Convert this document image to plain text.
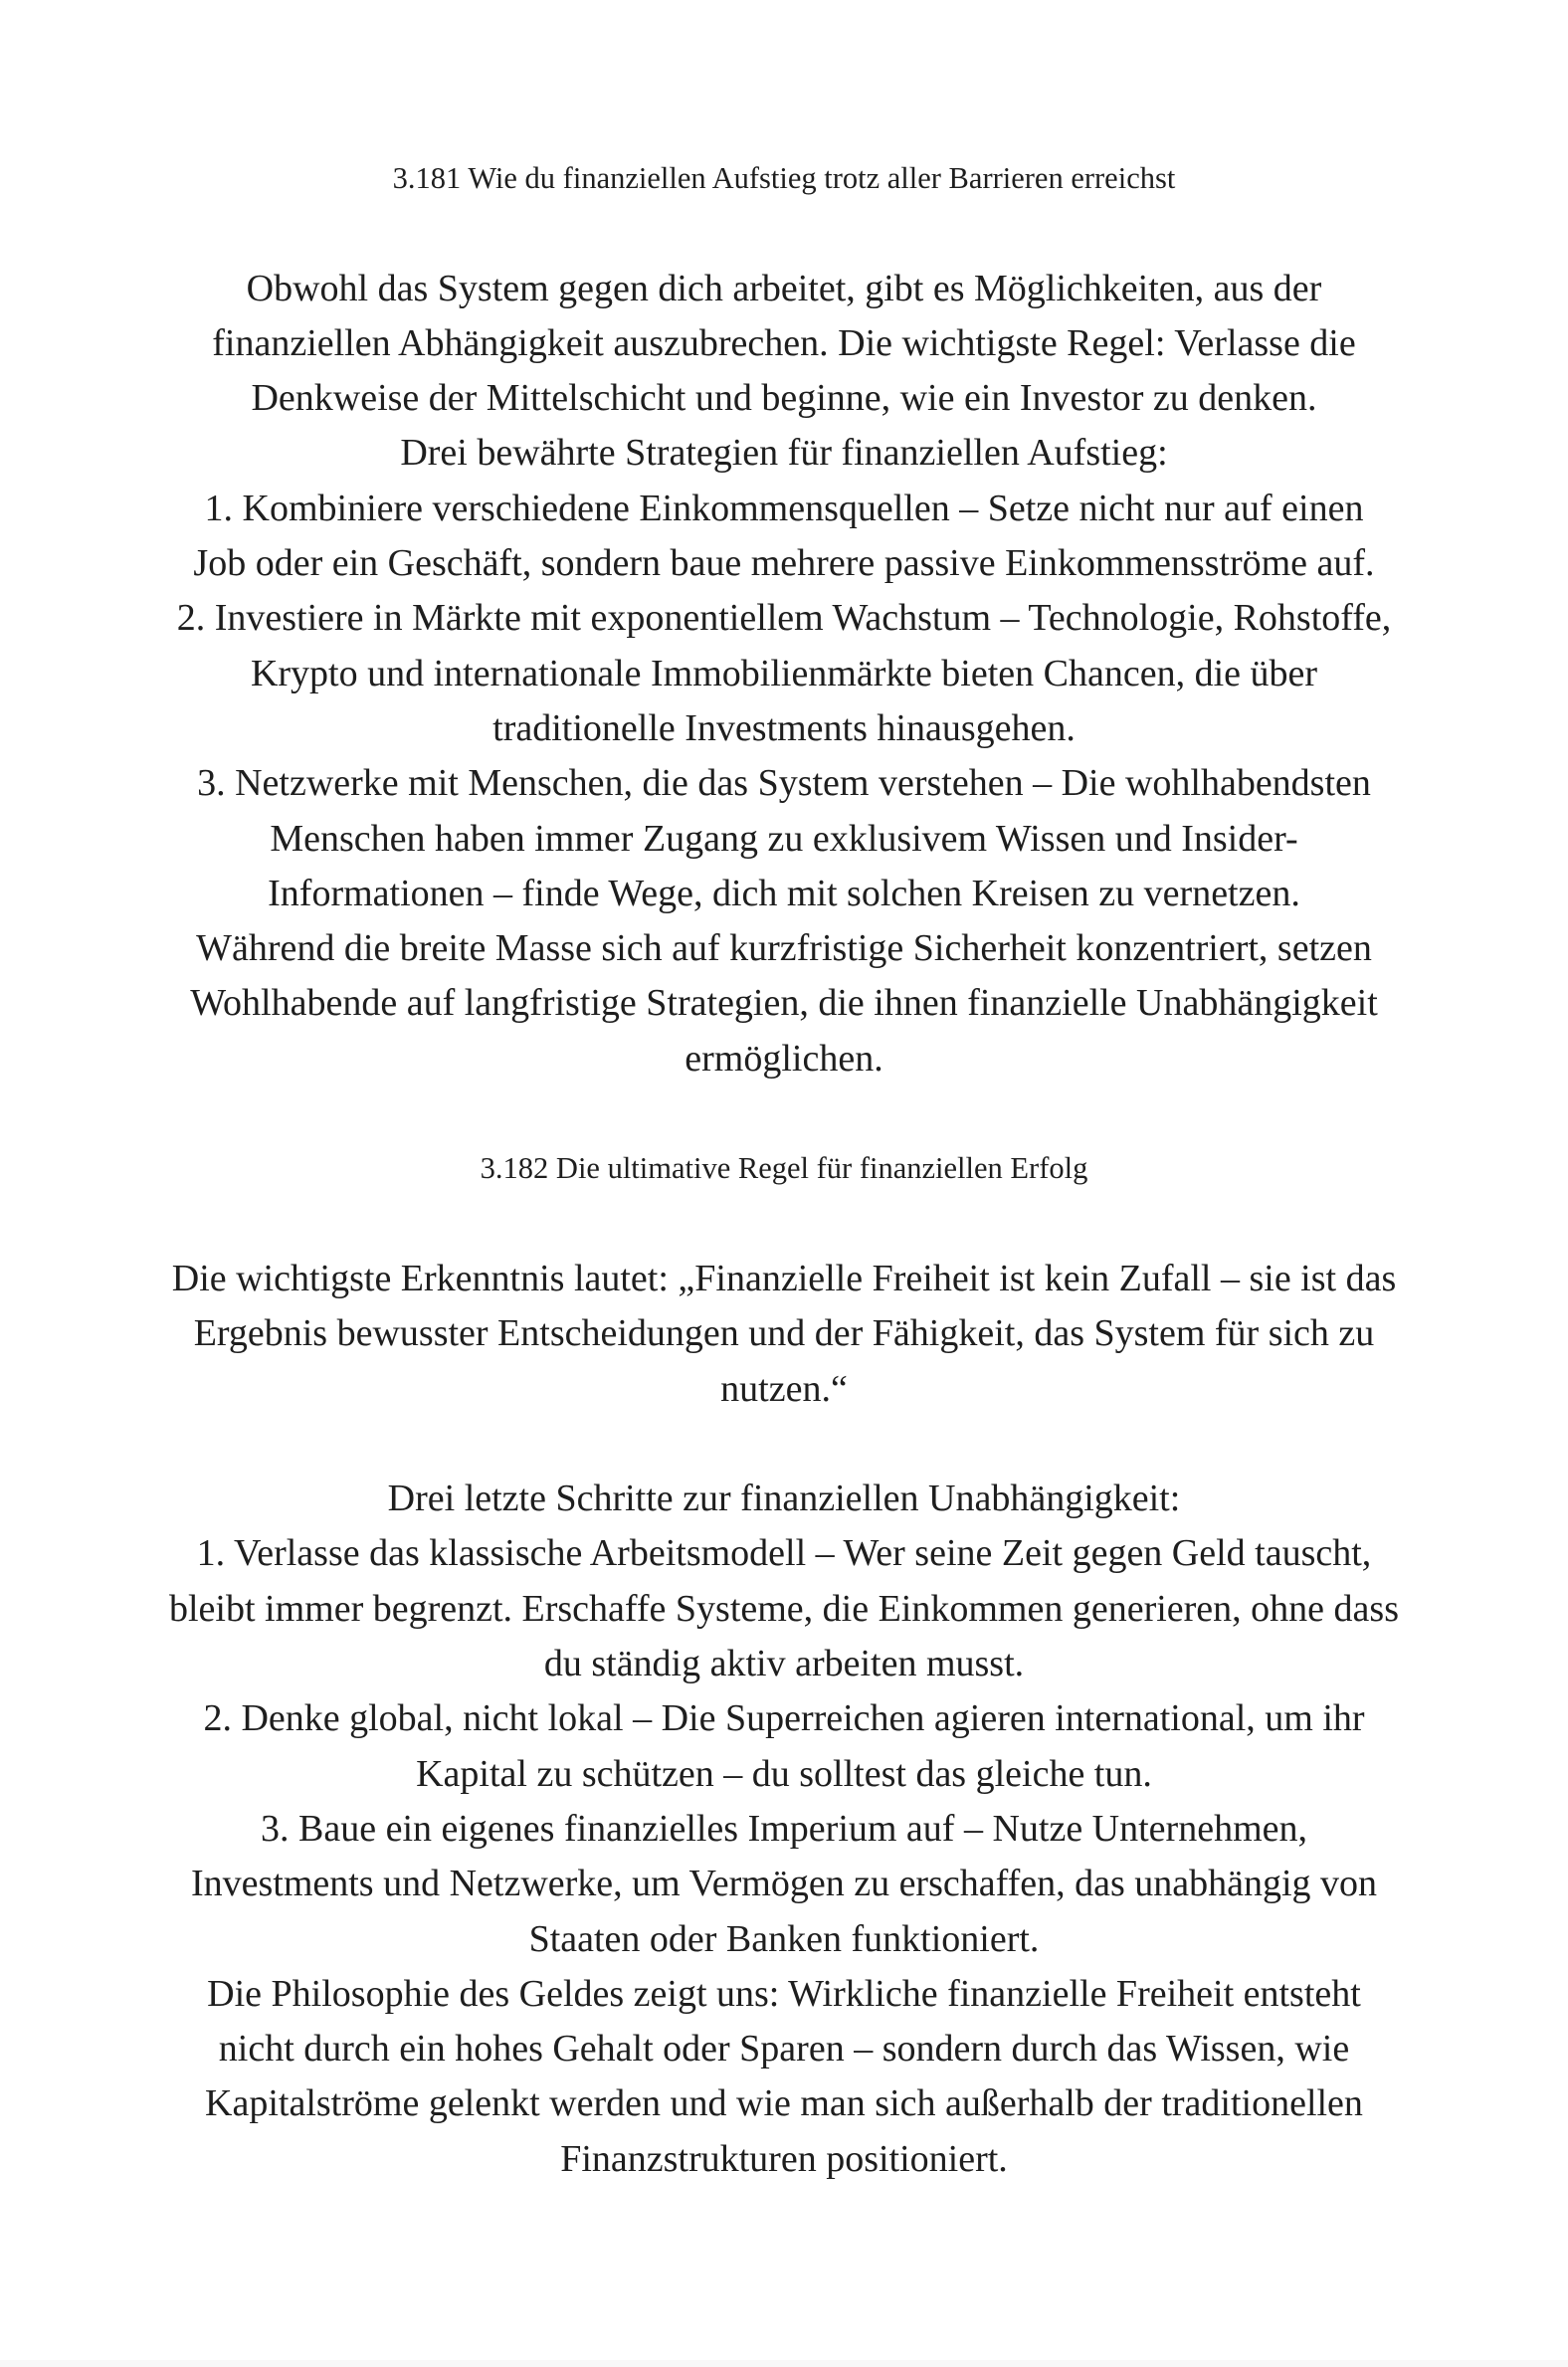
3.181 Wie du finanziellen Aufstieg trotz aller Barrieren erreichst
Obwohl das System gegen dich arbeitet, gibt es Möglichkeiten, aus der
finanziellen Abhängigkeit auszubrechen. Die wichtigste Regel: Verlasse die
Denkweise der Mittelschicht und beginne, wie ein Investor zu denken.
Drei bewährte Strategien für finanziellen Aufstieg:
1. Kombiniere verschiedene Einkommensquellen – Setze nicht nur auf einen
Job oder ein Geschäft, sondern baue mehrere passive Einkommensströme auf.
2. Investiere in Märkte mit exponentiellem Wachstum – Technologie, Rohstoffe,
Krypto und internationale Immobilienmärkte bieten Chancen, die über
traditionelle Investments hinausgehen.
3. Netzwerke mit Menschen, die das System verstehen – Die wohlhabendsten
Menschen haben immer Zugang zu exklusivem Wissen und Insider-
Informationen – finde Wege, dich mit solchen Kreisen zu vernetzen.
Während die breite Masse sich auf kurzfristige Sicherheit konzentriert, setzen
Wohlhabende auf langfristige Strategien, die ihnen finanzielle Unabhängigkeit
ermöglichen.
3.182 Die ultimative Regel für finanziellen Erfolg
Die wichtigste Erkenntnis lautet: „Finanzielle Freiheit ist kein Zufall – sie ist das
Ergebnis bewusster Entscheidungen und der Fähigkeit, das System für sich zu
nutzen.“
Drei letzte Schritte zur finanziellen Unabhängigkeit:
1. Verlasse das klassische Arbeitsmodell – Wer seine Zeit gegen Geld tauscht,
bleibt immer begrenzt. Erschaffe Systeme, die Einkommen generieren, ohne dass
du ständig aktiv arbeiten musst.
2. Denke global, nicht lokal – Die Superreichen agieren international, um ihr
Kapital zu schützen – du solltest das gleiche tun.
3. Baue ein eigenes finanzielles Imperium auf – Nutze Unternehmen,
Investments und Netzwerke, um Vermögen zu erschaffen, das unabhängig von
Staaten oder Banken funktioniert.
Die Philosophie des Geldes zeigt uns: Wirkliche finanzielle Freiheit entsteht
nicht durch ein hohes Gehalt oder Sparen – sondern durch das Wissen, wie
Kapitalströme gelenkt werden und wie man sich außerhalb der traditionellen
Finanzstrukturen positioniert.
